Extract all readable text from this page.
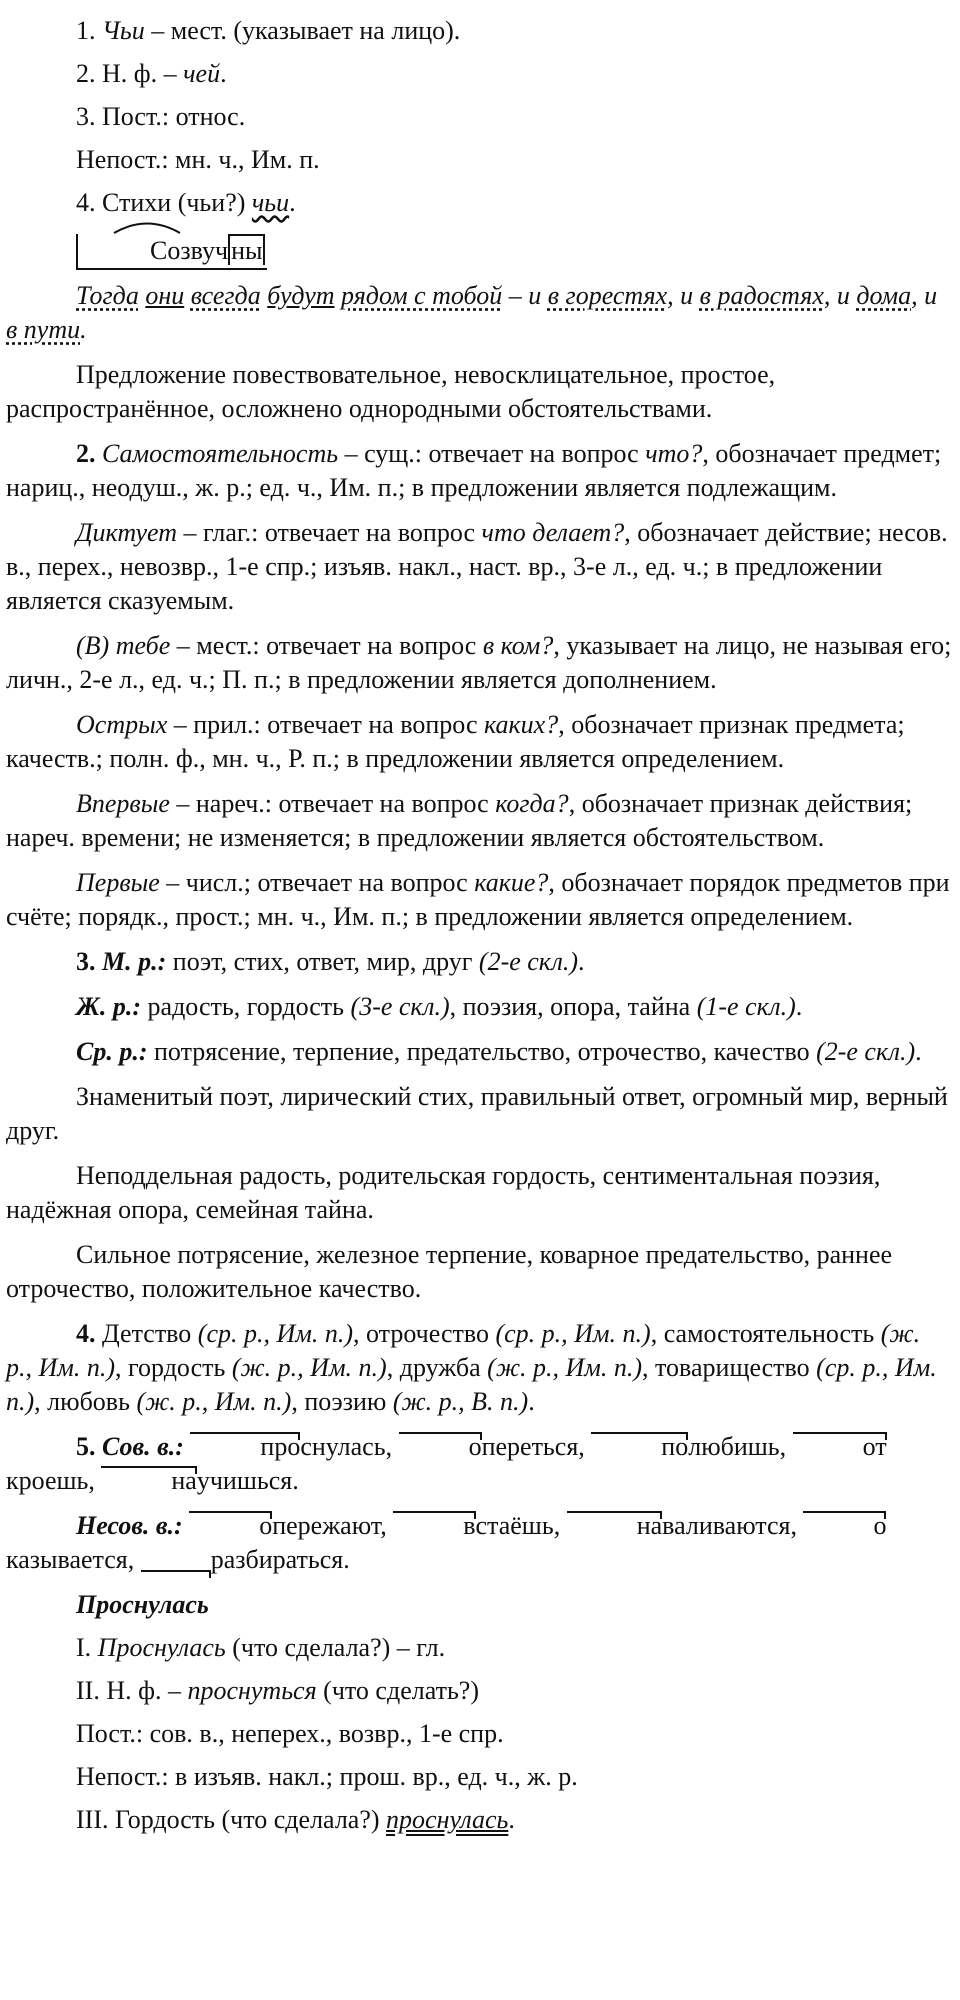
1. Чьи – мест. (указывает на лицо).

2. Н. ф. – чей.

3. Пост.: относ.

Непост.: мн. ч., Им. п.

4. Стихи (чьи?) чьи.

Созвуч ны

Тогда они всегда будут рядом с тобой – и в горестях, и в радостях, и дома, и в пути.

Предложение повествовательное, невосклицательное, простое, распространённое, осложнено однородными обстоятельствами.

2. Самостоятельность – сущ.: отвечает на вопрос что?, обозначает предмет; нариц., неодуш., ж. р.; ед. ч., Им. п.; в предложении является подлежащим.

Диктует – глаг.: отвечает на вопрос что делает?, обозначает действие; несов. в., перех., невозвр., 1-е спр.; изъяв. накл., наст. вр., 3-е л., ед. ч.; в предложении является сказуемым.

(В) тебе – мест.: отвечает на вопрос в ком?, указывает на лицо, не называя его; личн., 2-е л., ед. ч.; П. п.; в предложении является дополнением.

Острых – прил.: отвечает на вопрос каких?, обозначает признак предмета; качеств.; полн. ф., мн. ч., Р. п.; в предложении является определением.

Впервые – нареч.: отвечает на вопрос когда?, обозначает признак действия; нареч. времени; не изменяется; в предложении является обстоятельством.

Первые – числ.; отвечает на вопрос какие?, обозначает порядок предметов при счёте; порядк., прост.; мн. ч., Им. п.; в предложении является определением.

3. М. р.: поэт, стих, ответ, мир, друг (2-е скл.).

Ж. р.: радость, гордость (3-е скл.), поэзия, опора, тайна (1-е скл.).

Ср. р.: потрясение, терпение, предательство, отрочество, качество (2-е скл.).

Знаменитый поэт, лирический стих, правильный ответ, огромный мир, верный друг.

Неподдельная радость, родительская гордость, сентиментальная поэзия, надёжная опора, семейная тайна.

Сильное потрясение, железное терпение, коварное предательство, раннее отрочество, положительное качество.

4. Детство (ср. р., Им. п.), отрочество (ср. р., Им. п.), самостоятельность (ж. р., Им. п.), гордость (ж. р., Им. п.), дружба (ж. р., Им. п.), товарищество (ср. р., Им. п.), любовь (ж. р., Им. п.), поэзию (ж. р., В. п.).

5. Сов. в.:	проснулась,	опереться,	полюбишь,	откроешь,	научишься.

Несов. в.:	опережают,	встаёшь,	наваливаются,	оказывается,	разбираться.

Проснулась

I. Проснулась (что сделала?) – гл.

II. Н. ф. – проснуться (что сделать?)

Пост.: сов. в., неперех., возвр., 1-е спр.

Непост.: в изъяв. накл.; прош. вр., ед. ч., ж. р.

III. Гордость (что сделала?) проснулась.
